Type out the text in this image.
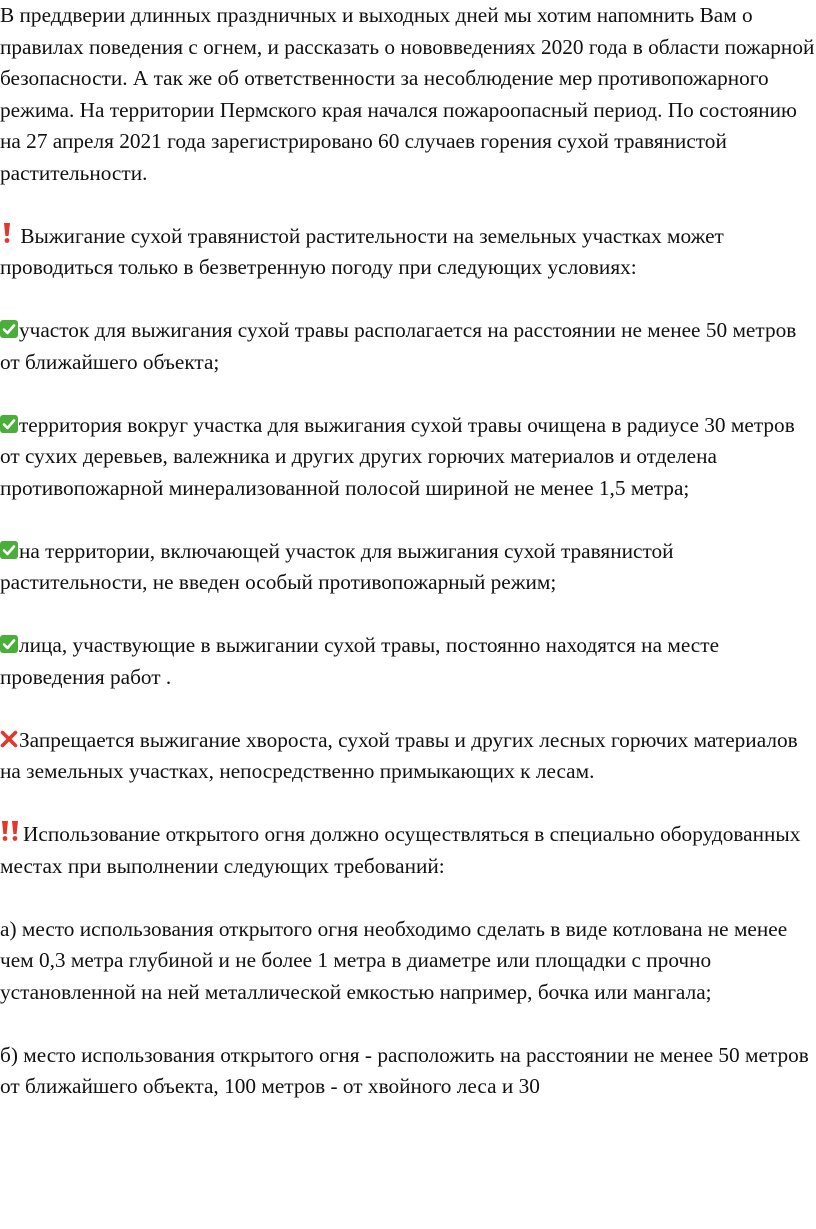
В преддверии длинных праздничных и выходных дней мы хотим напомнить Вам о правилах поведения с огнем, и рассказать о нововведениях 2020 года в области пожарной безопасности. А так же об ответственности за несоблюдение мер противопожарного режима. На территории Пермского края начался пожароопасный период. По состоянию на 27 апреля 2021 года зарегистрировано 60 случаев горения сухой травянистой растительности.

Выжигание сухой травянистой растительности на земельных участках может проводиться только в безветренную погоду при следующих условиях:

участок для выжигания сухой травы располагается на расстоянии не менее 50 метров от ближайшего объекта;

территория вокруг участка для выжигания сухой травы очищена в радиусе 30 метров от сухих деревьев, валежника и других других горючих материалов и отделена противопожарной минерализованной полосой шириной не менее 1,5 метра;

на территории, включающей участок для выжигания сухой травянистой растительности, не введен особый противопожарный режим;

лица, участвующие в выжигании сухой травы, постоянно находятся на месте проведения работ .

Запрещается выжигание хвороста, сухой травы и других лесных горючих материалов на земельных участках, непосредственно примыкающих к лесам.

Использование открытого огня должно осуществляться в специально оборудованных местах при выполнении следующих требований:

а) место использования открытого огня необходимо сделать в виде котлована не менее чем 0,3 метра глубиной и не более 1 метра в диаметре или площадки с прочно установленной на ней металлической емкостью например, бочка или мангала;

б) место использования открытого огня - расположить на расстоянии не менее 50 метров от ближайшего объекта, 100 метров - от хвойного леса и 30
